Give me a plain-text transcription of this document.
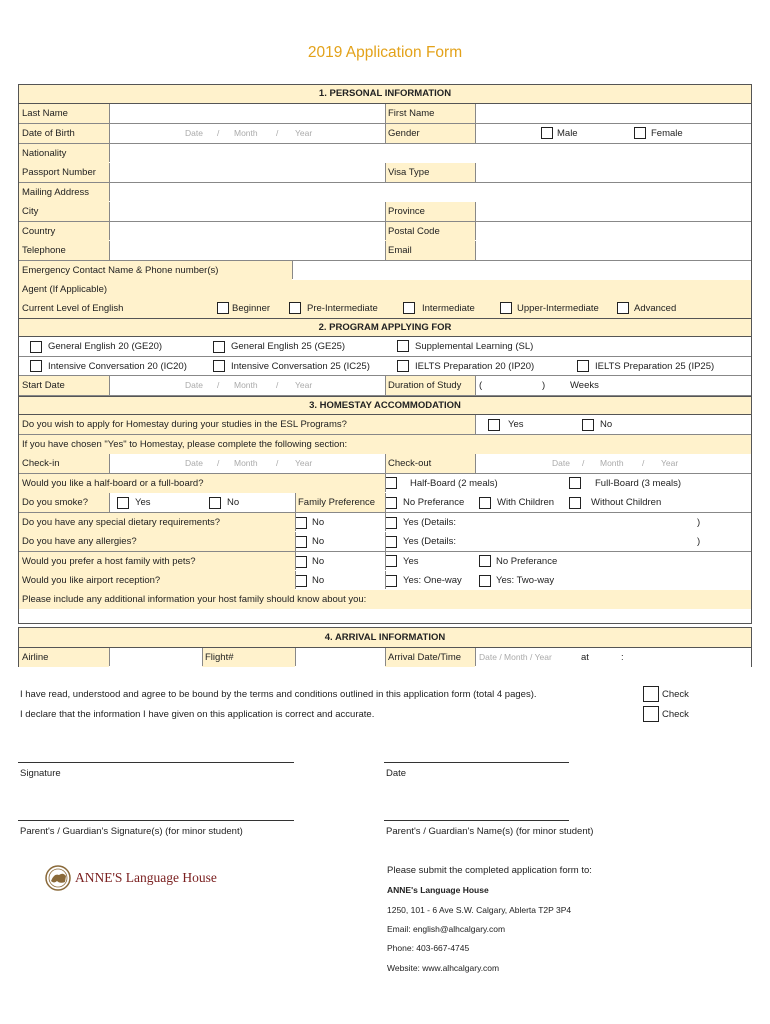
2019 Application Form
1. PERSONAL INFORMATION
Last Name	First Name
Date of Birth	Date / Month / Year	Gender	Male	Female
Nationality
Passport Number	Visa Type
Mailing Address
City	Province
Country	Postal Code
Telephone	Email
Emergency Contact Name & Phone number(s)
Agent (If Applicable)
Current Level of English	Beginner	Pre-Intermediate	Intermediate	Upper-Intermediate	Advanced
2. PROGRAM APPLYING FOR
General English 20 (GE20)	General English 25 (GE25)	Supplemental Learning (SL)
Intensive Conversation 20 (IC20)	Intensive Conversation 25 (IC25)	IELTS Preparation 20 (IP20)	IELTS Preparation 25 (IP25)
Start Date	Date / Month / Year	Duration of Study	(	)	Weeks
3. HOMESTAY ACCOMMODATION
Do you wish to apply for Homestay during your studies in the ESL Programs?	Yes	No
If you have chosen "Yes" to Homestay, please complete the following section:
Check-in	Date / Month / Year	Check-out	Date / Month / Year
Would you like a half-board or a full-board?	Half-Board (2 meals)	Full-Board (3 meals)
Do you smoke?	Yes	No	Family Preference	No Preferance	With Children	Without Children
Do you have any special dietary requirements?	No	Yes (Details:	)
Do you have any allergies?	No	Yes (Details:	)
Would you prefer a host family with pets?	No	Yes	No Preferance
Would you like airport reception?	No	Yes: One-way	Yes: Two-way
Please include any additional information your host family should know about you:
4. ARRIVAL INFORMATION
Airline	Flight#	Arrival Date/Time	Date / Month / Year	at	:
I have read, understood and agree to be bound by the terms and conditions outlined in this application form (total 4 pages).	Check
I declare that the information I have given on this application is correct and accurate.	Check
Signature	Date
Parent's / Guardian's Signature(s) (for minor student)	Parent's / Guardian's Name(s) (for minor student)
ANNE'S Language House	Please submit the completed application form to:
ANNE's Language House
1250, 101 - 6 Ave S.W. Calgary, Ablerta T2P 3P4
Email: english@alhcalgary.com
Phone: 403-667-4745
Website: www.alhcalgary.com
